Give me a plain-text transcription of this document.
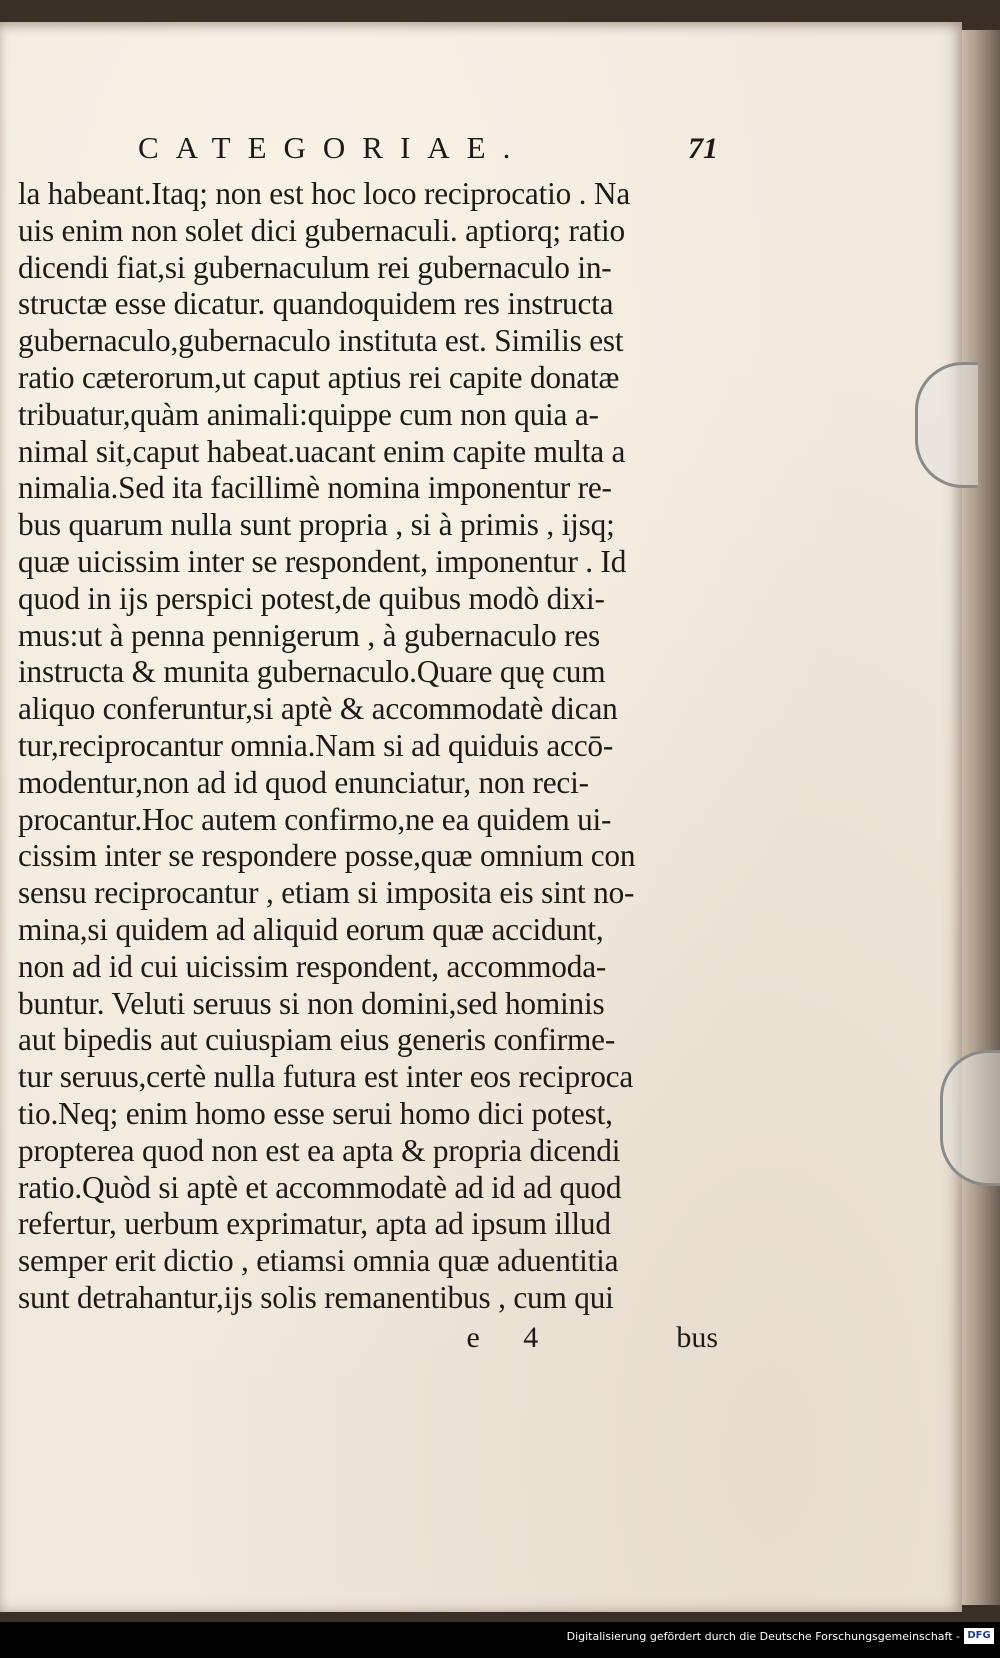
CATEGORIAE.	71
la habeant.Itaq; non est hoc loco reciprocatio . Na
uis enim non solet dici gubernaculi. aptiorq; ratio
dicendi fiat,si gubernaculum rei gubernaculo in-
structæ esse dicatur. quandoquidem res instructa
gubernaculo,gubernaculo instituta est. Similis est
ratio cæterorum,ut caput aptius rei capite donatæ
tribuatur,quàm animali:quippe cum non quia a-
nimal sit,caput habeat.uacant enim capite multa a
nimalia.Sed ita facillimè nomina imponentur re-
bus quarum nulla sunt propria , si à primis , ijsq;
quæ uicissim inter se respondent, imponentur . Id
quod in ijs perspici potest,de quibus modò dixi-
mus:ut à penna pennigerum , à gubernaculo res
instructa & munita gubernaculo.Quare quę cum
aliquo conferuntur,si aptè & accommodatè dican
tur,reciprocantur omnia.Nam si ad quiduis accō-
modentur,non ad id quod enunciatur, non reci-
procantur.Hoc autem confirmo,ne ea quidem ui-
cissim inter se respondere posse,quæ omnium con
sensu reciprocantur , etiam si imposita eis sint no-
mina,si quidem ad aliquid eorum quæ accidunt,
non ad id cui uicissim respondent, accommoda-
buntur. Veluti seruus si non domini,sed hominis
aut bipedis aut cuiuspiam eius generis confirme-
tur seruus,certè nulla futura est inter eos reciproca
tio.Neq; enim homo esse serui homo dici potest,
propterea quod non est ea apta & propria dicendi
ratio.Quòd si aptè et accommodatè ad id ad quod
refertur, uerbum exprimatur, apta ad ipsum illud
semper erit dictio , etiamsi omnia quæ aduentitia
sunt detrahantur,ijs solis remanentibus , cum qui
e 4	bus
Digitalisierung gefördert durch die Deutsche Forschungsgemeinschaft - DFG
